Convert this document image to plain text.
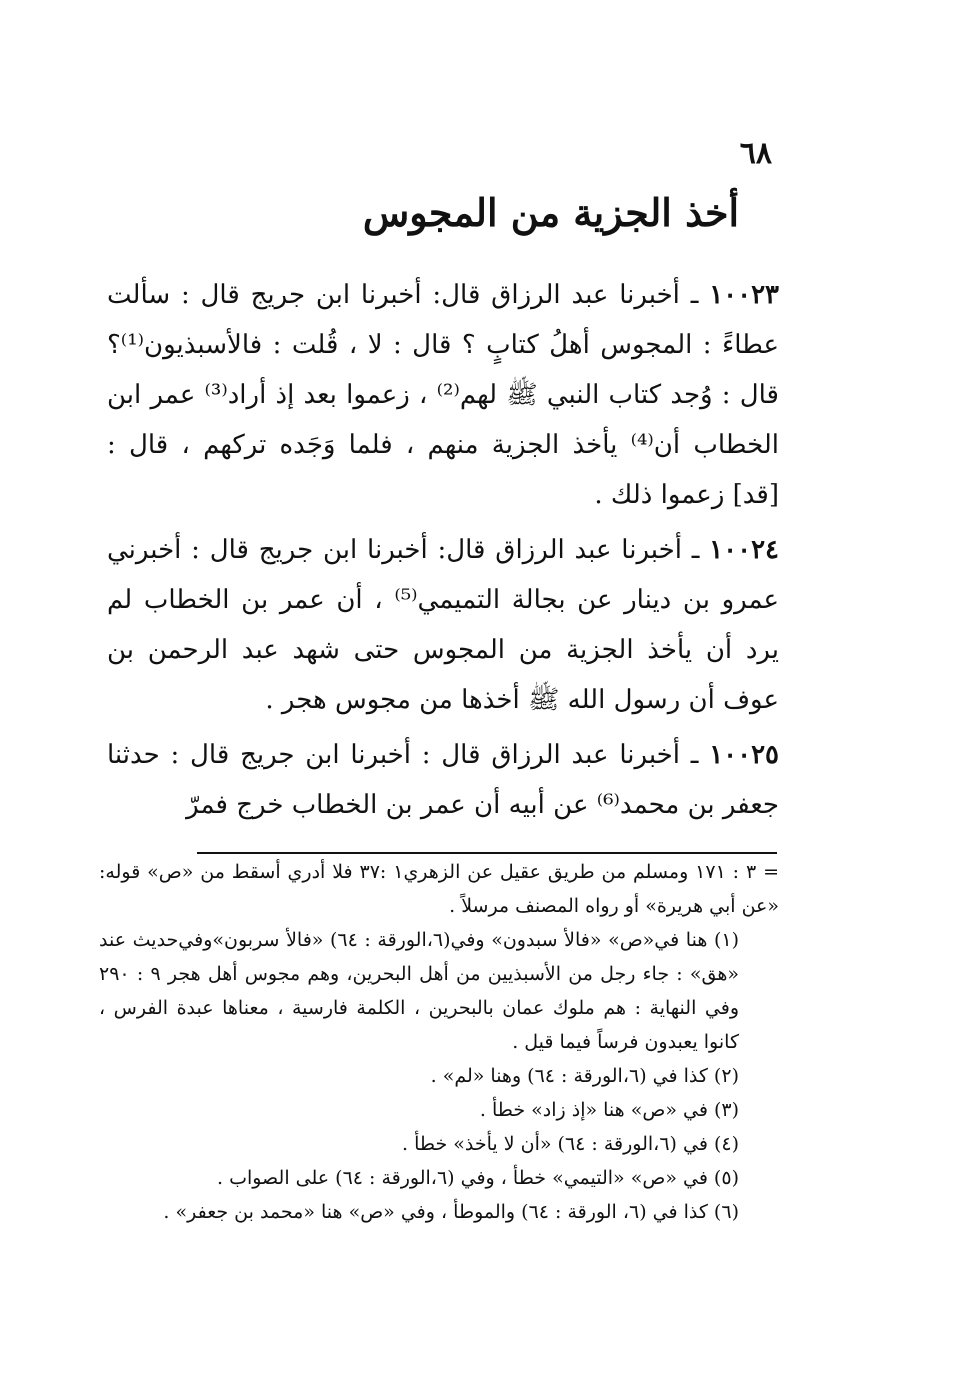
٦٨
أخذ الجزية من المجوس
١٠٠٢٣ ـ أخبرنا عبد الرزاق قال: أخبرنا ابن جريج قال : سألت عطاءً : المجوس أهلُ كتابٍ ؟ قال : لا ، قُلت : فالأسبذيون⁽¹⁾؟ قال : وُجد كتاب النبي ﷺ لهم⁽²⁾ ، زعموا بعد إذ أراد⁽³⁾ عمر ابن الخطاب أن⁽⁴⁾ يأخذ الجزية منهم ، فلما وَجَده تركهم ، قال : [قد] زعموا ذلك .
١٠٠٢٤ ـ أخبرنا عبد الرزاق قال: أخبرنا ابن جريج قال : أخبرني عمرو بن دينار عن بجالة التميمي⁽⁵⁾ ، أن عمر بن الخطاب لم يرد أن يأخذ الجزية من المجوس حتى شهد عبد الرحمن بن عوف أن رسول الله ﷺ أخذها من مجوس هجر .
١٠٠٢٥ ـ أخبرنا عبد الرزاق قال : أخبرنا ابن جريج قال : حدثنا جعفر بن محمد⁽⁶⁾ عن أبيه أن عمر بن الخطاب خرج فمرّ

= ٣ : ١٧١ ومسلم من طريق عقيل عن الزهري١ :٣٧ فلا أدري أسقط من «ص» قوله: «عن أبي هريرة» أو رواه المصنف مرسلاً .

(١) هنا في«ص» «فالأ سبدون» وفي(٦،الورقة : ٦٤) «فالأ سربون»وفي‌حديث عند «هق» : جاء رجل من الأسبذيين من أهل البحرين، وهم مجوس أهل هجر ٩ : ٢٩٠ وفي النهاية : هم ملوك عمان بالبحرين ، الكلمة فارسية ، معناها عبدة الفرس ، كانوا يعبدون فرساً فيما قيل .

(٢) كذا في (٦،الورقة : ٦٤) وهنا «لم» .

(٣) في «ص» هنا «إذ زاد» خطأ .

(٤) في (٦،الورقة : ٦٤) «أن لا يأخذ» خطأ .

(٥) في «ص» «التيمي» خطأ ، وفي (٦،الورقة : ٦٤) على الصواب .

(٦) كذا في (٦، الورقة : ٦٤) والموطأ ، وفي «ص» هنا «محمد بن جعفر» .
